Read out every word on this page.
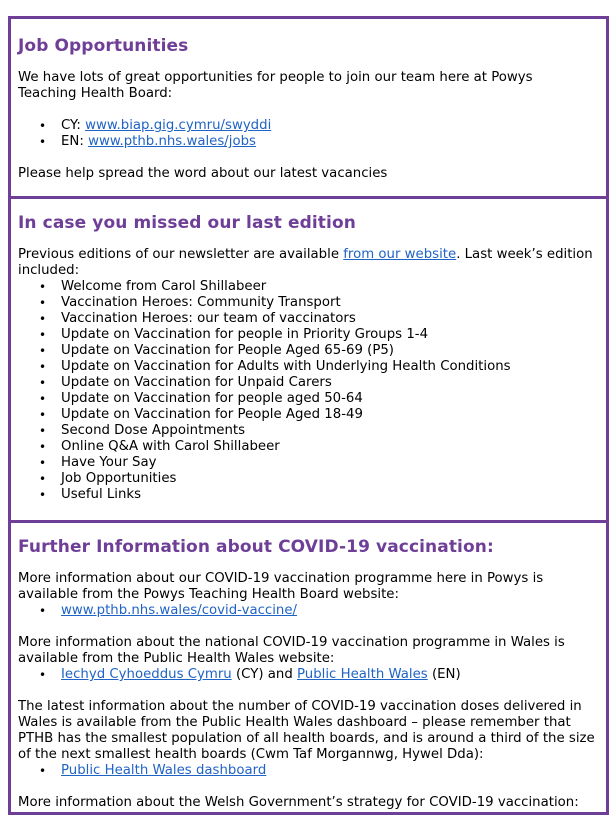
Job Opportunities

We have lots of great opportunities for people to join our team here at Powys Teaching Health Board:

• CY: www.biap.gig.cymru/swyddi
• EN: www.pthb.nhs.wales/jobs

Please help spread the word about our latest vacancies

In case you missed our last edition

Previous editions of our newsletter are available from our website. Last week’s edition included:

• Welcome from Carol Shillabeer
• Vaccination Heroes: Community Transport
• Vaccination Heroes: our team of vaccinators
• Update on Vaccination for people in Priority Groups 1-4
• Update on Vaccination for People Aged 65-69 (P5)
• Update on Vaccination for Adults with Underlying Health Conditions
• Update on Vaccination for Unpaid Carers
• Update on Vaccination for people aged 50-64
• Update on Vaccination for People Aged 18-49
• Second Dose Appointments
• Online Q&A with Carol Shillabeer
• Have Your Say
• Job Opportunities
• Useful Links
Further Information about COVID-19 vaccination:

More information about our COVID-19 vaccination programme here in Powys is available from the Powys Teaching Health Board website:

• www.pthb.nhs.wales/covid-vaccine/

More information about the national COVID-19 vaccination programme in Wales is available from the Public Health Wales website:

• Iechyd Cyhoeddus Cymru (CY) and Public Health Wales (EN)

The latest information about the number of COVID-19 vaccination doses delivered in Wales is available from the Public Health Wales dashboard – please remember that PTHB has the smallest population of all health boards, and is around a third of the size of the next smallest health boards (Cwm Taf Morgannwg, Hywel Dda):

• Public Health Wales dashboard

More information about the Welsh Government’s strategy for COVID-19 vaccination:
